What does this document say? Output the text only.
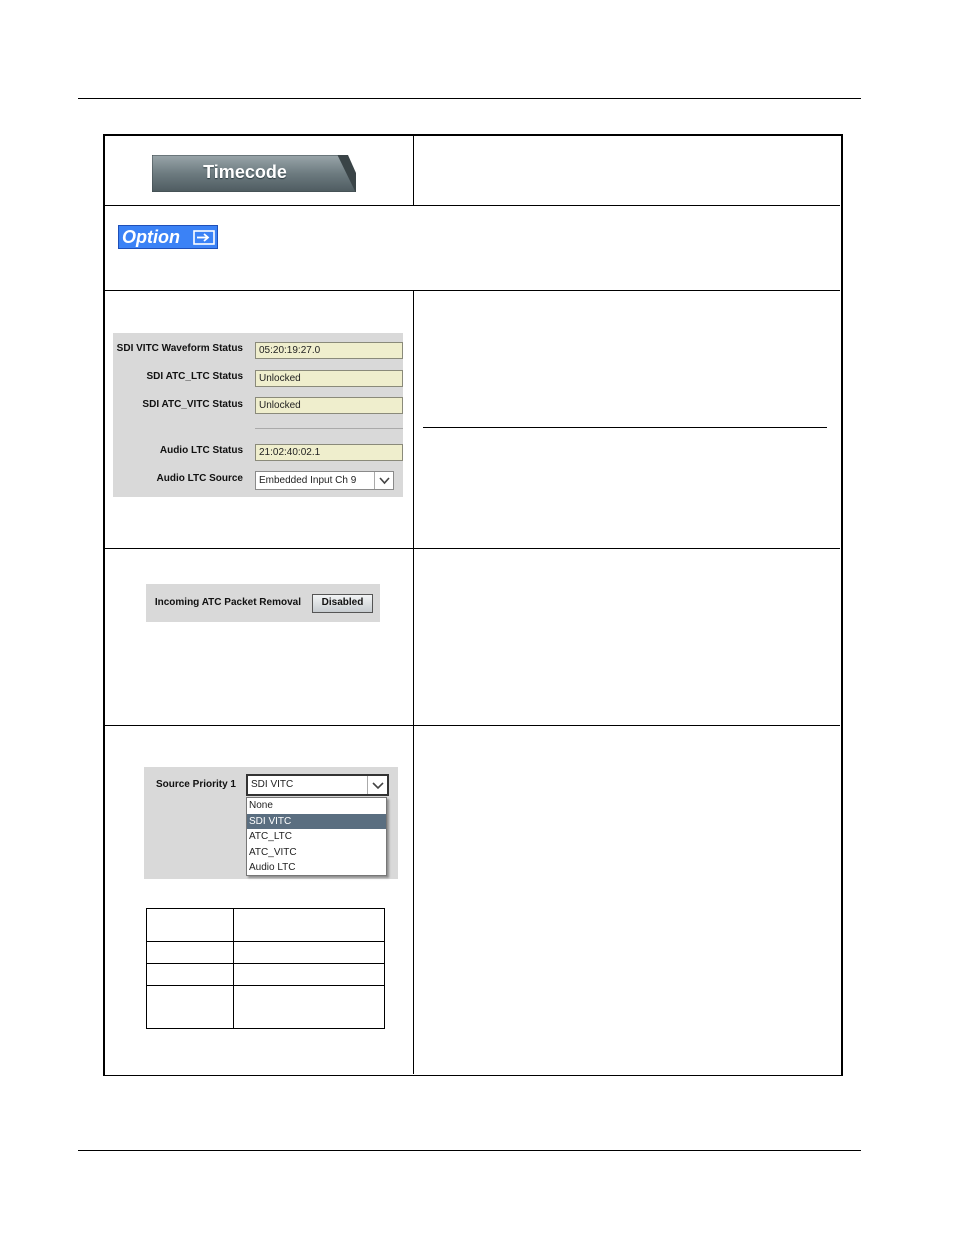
Timecode
Option
SDI VITC Waveform Status	05:20:19:27.0
SDI ATC_LTC Status	Unlocked
SDI ATC_VITC Status	Unlocked
Audio LTC Status	21:02:40:02.1
Audio LTC Source	Embedded Input Ch 9
Incoming ATC Packet Removal	Disabled
Source Priority 1	SDI VITC
None
SDI VITC
ATC_LTC
ATC_VITC
Audio LTC
